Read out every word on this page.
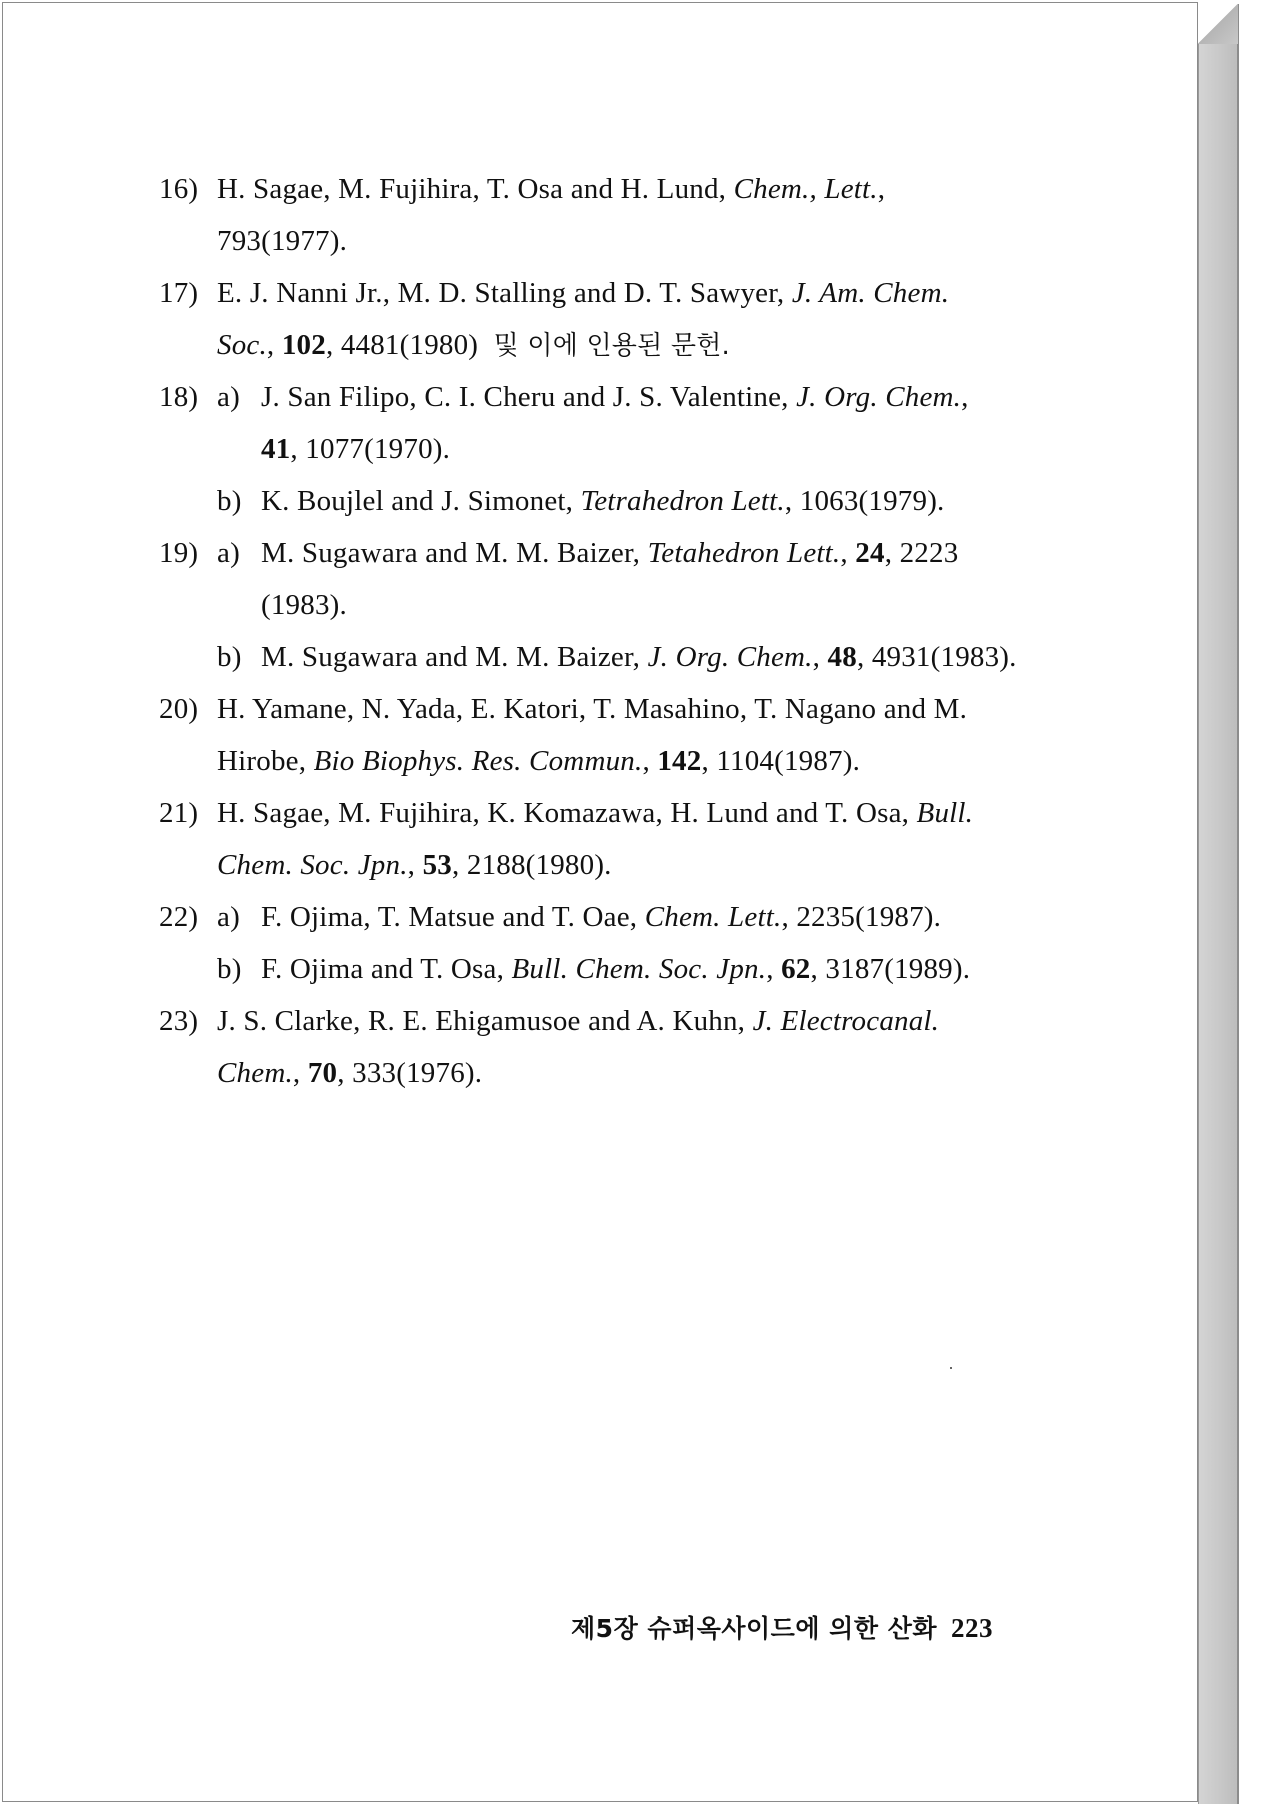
16) H. Sagae, M. Fujihira, T. Osa and H. Lund, Chem., Lett.,
793(1977).
17) E. J. Nanni Jr., M. D. Stalling and D. T. Sawyer, J. Am. Chem.
Soc., 102, 4481(1980) 및 이에 인용된 문헌.
18) a) J. San Filipo, C. I. Cheru and J. S. Valentine, J. Org. Chem.,
41, 1077(1970).
b) K. Boujlel and J. Simonet, Tetrahedron Lett., 1063(1979).
19) a) M. Sugawara and M. M. Baizer, Tetahedron Lett., 24, 2223
(1983).
b) M. Sugawara and M. M. Baizer, J. Org. Chem., 48, 4931(1983).
20) H. Yamane, N. Yada, E. Katori, T. Masahino, T. Nagano and M.
Hirobe, Bio Biophys. Res. Commun., 142, 1104(1987).
21) H. Sagae, M. Fujihira, K. Komazawa, H. Lund and T. Osa, Bull.
Chem. Soc. Jpn., 53, 2188(1980).
22) a) F. Ojima, T. Matsue and T. Oae, Chem. Lett., 2235(1987).
b) F. Ojima and T. Osa, Bull. Chem. Soc. Jpn., 62, 3187(1989).
23) J. S. Clarke, R. E. Ehigamusoe and A. Kuhn, J. Electrocanal.
Chem., 70, 333(1976).
제5장 슈퍼옥사이드에 의한 산화 223
